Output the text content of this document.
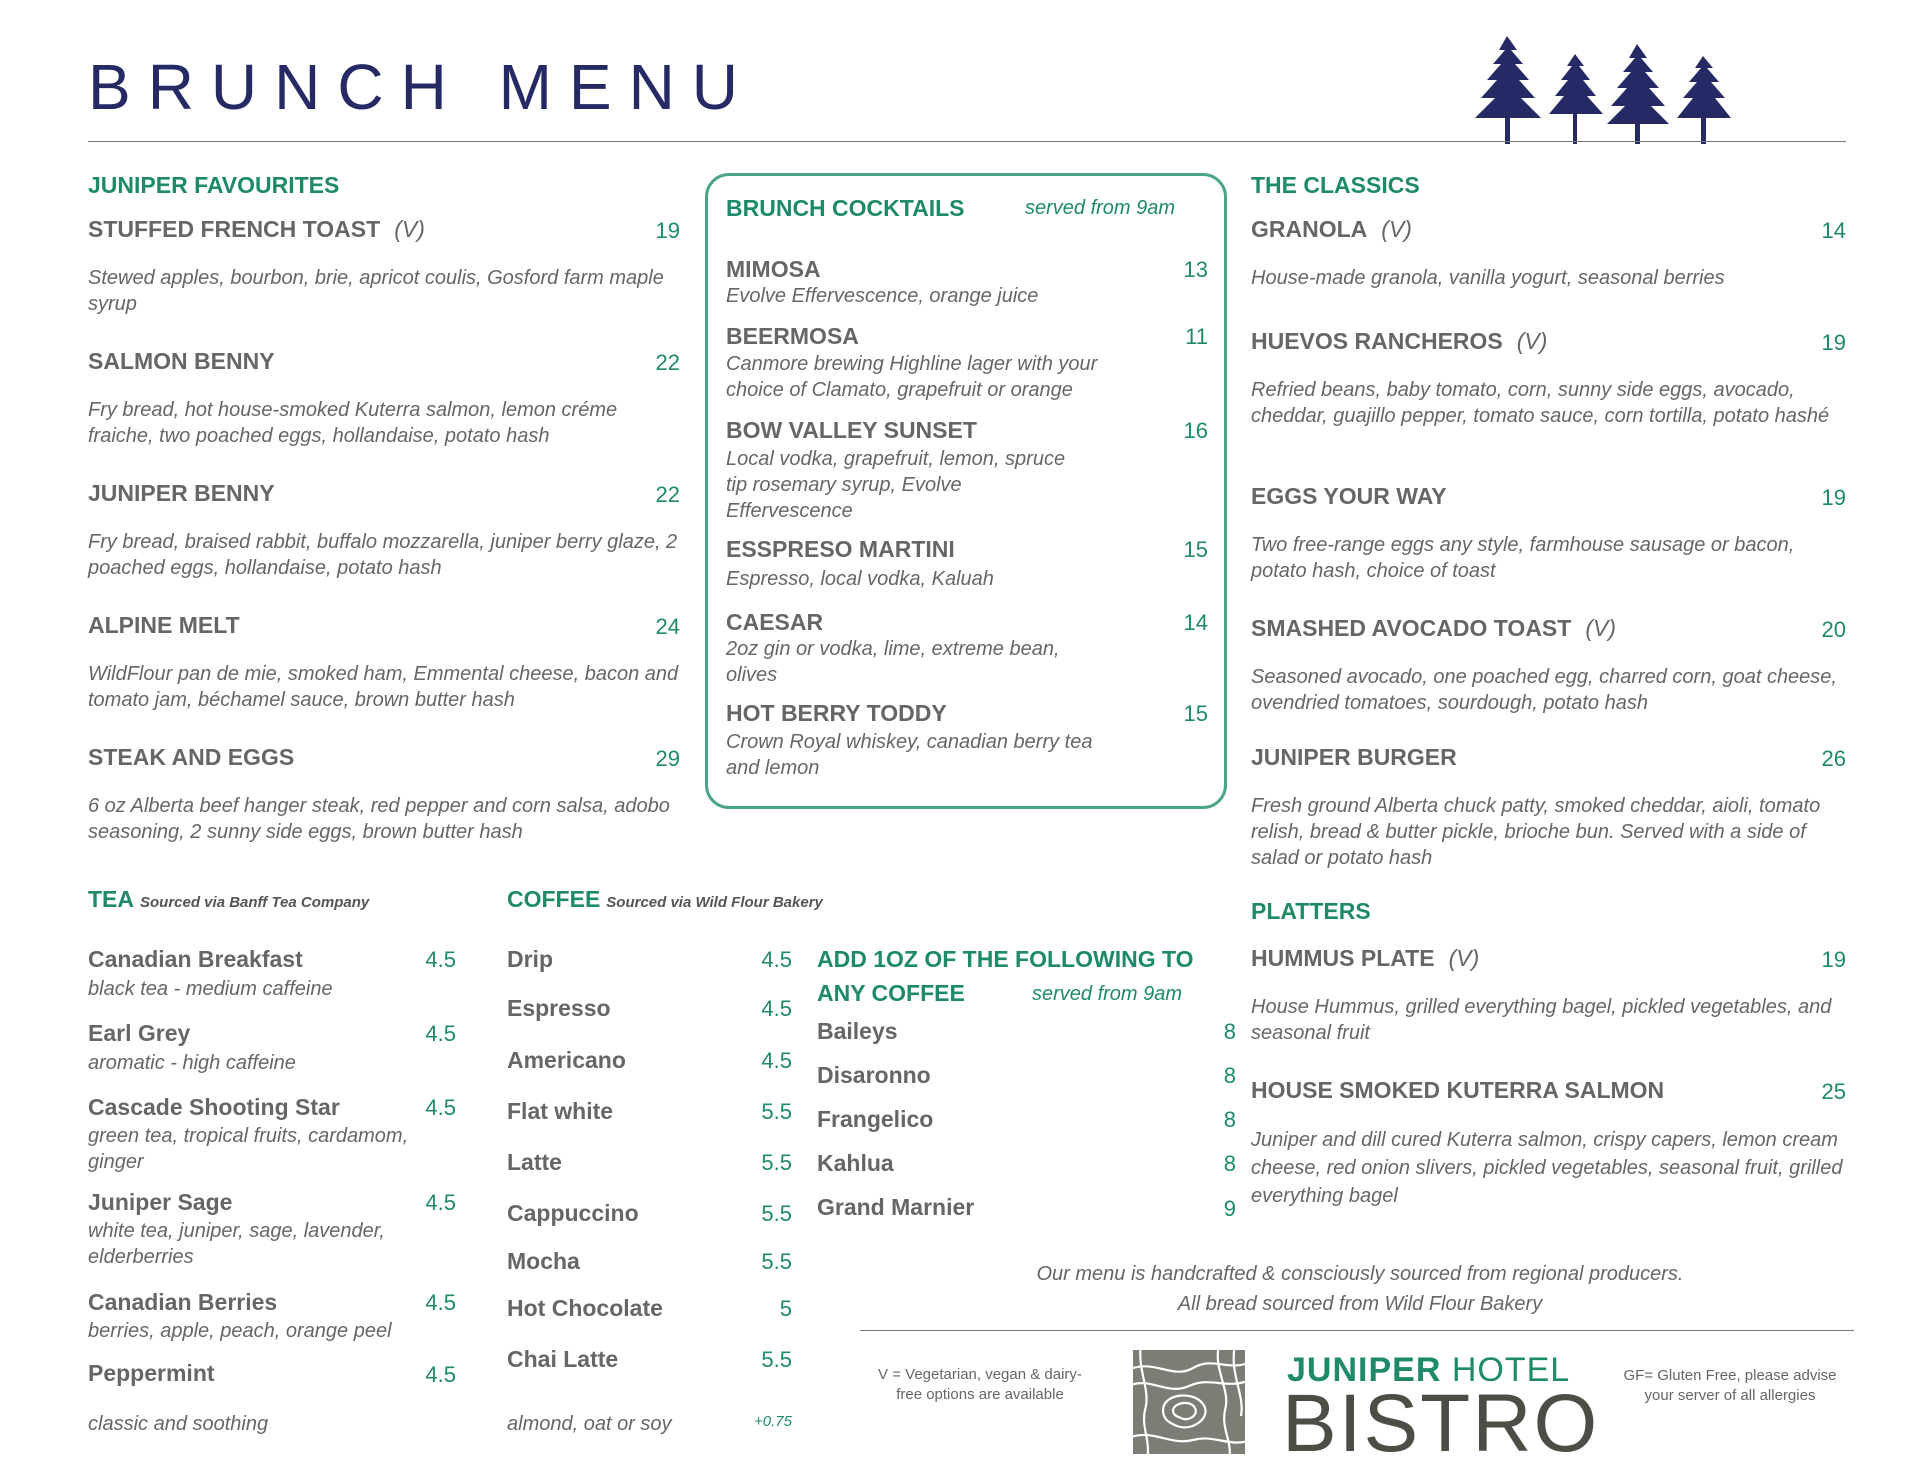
BRUNCH MENU
JUNIPER FAVOURITES
STUFFED FRENCH TOAST (V)	19
Stewed apples, bourbon, brie, apricot coulis, Gosford farm maple syrup
SALMON BENNY	22
Fry bread, hot house-smoked Kuterra salmon, lemon créme fraiche, two poached eggs, hollandaise, potato hash
JUNIPER BENNY	22
Fry bread, braised rabbit, buffalo mozzarella, juniper berry glaze, 2 poached eggs, hollandaise, potato hash
ALPINE MELT	24
WildFlour pan de mie, smoked ham, Emmental cheese, bacon and tomato jam, béchamel sauce, brown butter hash
STEAK AND EGGS	29
6 oz Alberta beef hanger steak, red pepper and corn salsa, adobo seasoning, 2 sunny side eggs, brown butter hash
BRUNCH COCKTAILS	served from 9am
MIMOSA	13
Evolve Effervescence, orange juice
BEERMOSA	11
Canmore brewing Highline lager with your choice of Clamato, grapefruit or orange
BOW VALLEY SUNSET	16
Local vodka, grapefruit, lemon, spruce tip rosemary syrup, Evolve Effervescence
ESSPRESO MARTINI	15
Espresso, local vodka, Kaluah
CAESAR	14
2oz gin or vodka, lime, extreme bean, olives
HOT BERRY TODDY	15
Crown Royal whiskey, canadian berry tea and lemon
THE CLASSICS
GRANOLA (V)	14
House-made granola, vanilla yogurt, seasonal berries
HUEVOS RANCHEROS (V)	19
Refried beans, baby tomato, corn, sunny side eggs, avocado, cheddar, guajillo pepper, tomato sauce, corn tortilla, potato hashé
EGGS YOUR WAY	19
Two free-range eggs any style, farmhouse sausage or bacon, potato hash, choice of toast
SMASHED AVOCADO TOAST (V)	20
Seasoned avocado, one poached egg, charred corn, goat cheese, ovendried tomatoes, sourdough, potato hash
JUNIPER BURGER	26
Fresh ground Alberta chuck patty, smoked cheddar, aioli, tomato relish, bread & butter pickle, brioche bun. Served with a side of salad or potato hash
PLATTERS
HUMMUS PLATE (V)	19
House Hummus, grilled everything bagel, pickled vegetables, and seasonal fruit
HOUSE SMOKED KUTERRA SALMON	25
Juniper and dill cured Kuterra salmon, crispy capers, lemon cream cheese, red onion slivers, pickled vegetables, seasonal fruit, grilled everything bagel
TEA Sourced via Banff Tea Company
Canadian Breakfast	4.5
black tea - medium caffeine
Earl Grey	4.5
aromatic - high caffeine
Cascade Shooting Star	4.5
green tea, tropical fruits, cardamom, ginger
Juniper Sage	4.5
white tea, juniper, sage, lavender, elderberries
Canadian Berries	4.5
berries, apple, peach, orange peel
Peppermint	4.5
classic and soothing
COFFEE Sourced via Wild Flour Bakery
Drip	4.5
Espresso	4.5
Americano	4.5
Flat white	5.5
Latte	5.5
Cappuccino	5.5
Mocha	5.5
Hot Chocolate	5
Chai Latte	5.5
almond, oat or soy	+0.75
ADD 1OZ OF THE FOLLOWING TO
ANY COFFEE	served from 9am
Baileys	8
Disaronno	8
Frangelico	8
Kahlua	8
Grand Marnier	9
Our menu is handcrafted & consciously sourced from regional producers.
All bread sourced from Wild Flour Bakery
V = Vegetarian, vegan & dairy-
free options are available
JUNIPER HOTEL
BISTRO
GF= Gluten Free, please advise
your server of all allergies
